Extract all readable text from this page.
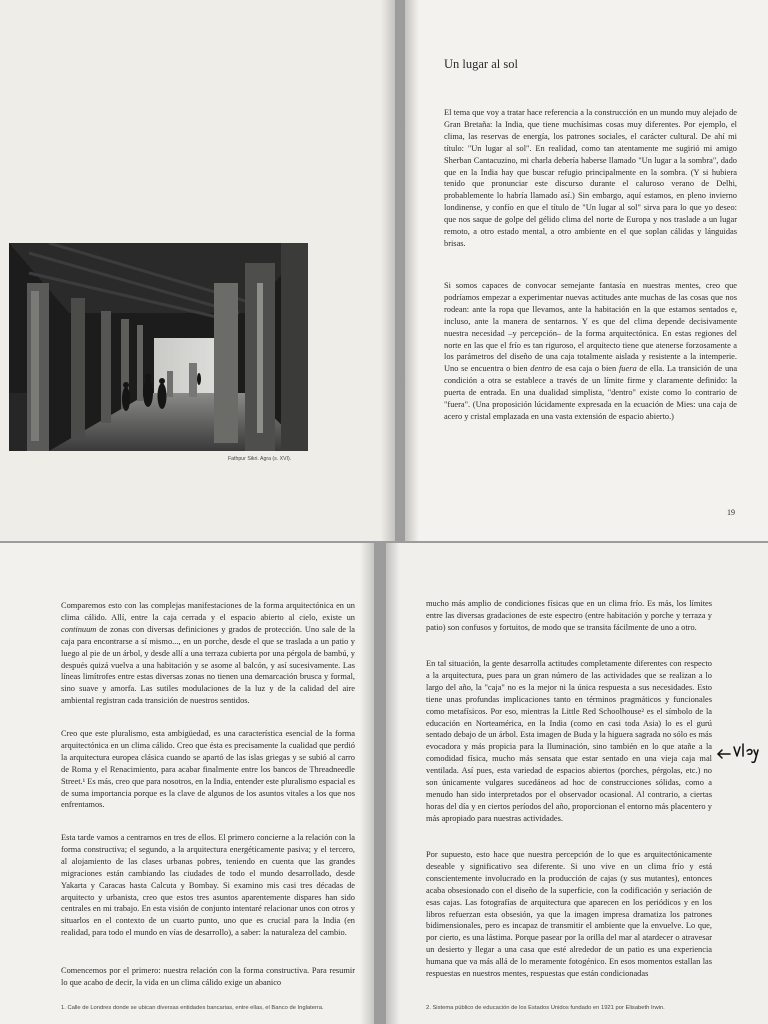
Fathpur Sikri. Agra (s. XVI).
Un lugar al sol

El tema que voy a tratar hace referencia a la construcción en un mundo muy alejado de Gran Bretaña: la India, que tiene muchísimas cosas muy diferentes. Por ejemplo, el clima, las reservas de energía, los patrones sociales, el carácter cultural. De ahí mi título: "Un lugar al sol". En realidad, como tan atentamente me sugirió mi amigo Sherban Cantacuzino, mi charla debería haberse llamado "Un lugar a la sombra", dado que en la India hay que buscar refugio principalmente en la sombra. (Y si hubiera tenido que pronunciar este discurso durante el caluroso verano de Delhi, probablemente lo habría llamado así.) Sin embargo, aquí estamos, en pleno invierno londinense, y confío en que el título de "Un lugar al sol" sirva para lo que yo deseo: que nos saque de golpe del gélido clima del norte de Europa y nos traslade a un lugar remoto, a otro estado mental, a otro ambiente en el que soplan cálidas y lánguidas brisas.

Si somos capaces de convocar semejante fantasía en nuestras mentes, creo que podríamos empezar a experimentar nuevas actitudes ante muchas de las cosas que nos rodean: ante la ropa que llevamos, ante la habitación en la que estamos sentados e, incluso, ante la manera de sentarnos. Y es que del clima depende decisivamente nuestra necesidad –y percepción– de la forma arquitectónica. En estas regiones del norte en las que el frío es tan riguroso, el arquitecto tiene que atenerse forzosamente a los parámetros del diseño de una caja totalmente aislada y resistente a la intemperie. Uno se encuentra o bien dentro de esa caja o bien fuera de ella. La transición de una condición a otra se establece a través de un límite firme y claramente definido: la puerta de entrada. En una dualidad simplista, "dentro" existe como lo contrario de "fuera". (Una proposición lúcidamente expresada en la ecuación de Mies: una caja de acero y cristal emplazada en una vasta extensión de espacio abierto.)

19

Comparemos esto con las complejas manifestaciones de la forma arquitectónica en un clima cálido. Allí, entre la caja cerrada y el espacio abierto al cielo, existe un continuum de zonas con diversas definiciones y grados de protección. Uno sale de la caja para encontrarse a sí mismo..., en un porche, desde el que se traslada a un patio y luego al pie de un árbol, y desde allí a una terraza cubierta por una pérgola de bambú, y después quizá vuelva a una habitación y se asome al balcón, y así sucesivamente. Las líneas limítrofes entre estas diversas zonas no tienen una demarcación brusca y formal, sino suave y amorfa. Las sutiles modulaciones de la luz y de la calidad del aire ambiental registran cada transición de nuestros sentidos.

Creo que este pluralismo, esta ambigüedad, es una característica esencial de la forma arquitectónica en un clima cálido. Creo que ésta es precisamente la cualidad que perdió la arquitectura europea clásica cuando se apartó de las islas griegas y se subió al carro de Roma y el Renacimiento, para acabar finalmente entre los bancos de Threadneedle Street.¹ Es más, creo que para nosotros, en la India, entender este pluralismo espacial es de suma importancia porque es la clave de algunos de los asuntos vitales a los que nos enfrentamos.

Esta tarde vamos a centrarnos en tres de ellos. El primero concierne a la relación con la forma constructiva; el segundo, a la arquitectura energéticamente pasiva; y el tercero, al alojamiento de las clases urbanas pobres, teniendo en cuenta que las grandes migraciones están cambiando las ciudades de todo el mundo desarrollado, desde Yakarta y Caracas hasta Calcuta y Bombay. Si examino mis casi tres décadas de arquitecto y urbanista, creo que estos tres asuntos aparentemente dispares han sido centrales en mi trabajo. En esta visión de conjunto intentaré relacionar unos con otros y situarlos en el contexto de un cuarto punto, uno que es crucial para la India (en realidad, para todo el mundo en vías de desarrollo), a saber: la naturaleza del cambio.

Comencemos por el primero: nuestra relación con la forma constructiva. Para resumir lo que acabo de decir, la vida en un clima cálido exige un abanico

1. Calle de Londres donde se ubican diversas entidades bancarias, entre ellas, el Banco de Inglaterra.

mucho más amplio de condiciones físicas que en un clima frío. Es más, los límites entre las diversas gradaciones de este espectro (entre habitación y porche y terraza y patio) son confusos y fortuitos, de modo que se transita fácilmente de uno a otro.

En tal situación, la gente desarrolla actitudes completamente diferentes con respecto a la arquitectura, pues para un gran número de las actividades que se realizan a lo largo del año, la "caja" no es la mejor ni la única respuesta a sus necesidades. Esto tiene unas profundas implicaciones tanto en términos pragmáticos y funcionales como metafísicos. Por eso, mientras la Little Red Schoolhouse² es el símbolo de la educación en Norteamérica, en la India (como en casi toda Asia) lo es el gurú sentado debajo de un árbol. Esta imagen de Buda y la higuera sagrada no sólo es más evocadora y más propicia para la Iluminación, sino también en lo que atañe a la comodidad física, mucho más sensata que estar sentado en una vieja caja mal ventilada. Así pues, esta variedad de espacios abiertos (porches, pérgolas, etc.) no son únicamente vulgares sucedáneos ad hoc de construcciones sólidas, como a menudo han sido interpretados por el observador ocasional. Al contrario, a ciertas horas del día y en ciertos períodos del año, proporcionan el entorno más placentero y más apropiado para nuestras actividades.

Por supuesto, esto hace que nuestra percepción de lo que es arquitectónicamente deseable y significativo sea diferente. Si uno vive en un clima frío y está conscientemente involucrado en la producción de cajas (y sus mutantes), entonces acaba obsesionado con el diseño de la superficie, con la codificación y seriación de esas cajas. Las fotografías de arquitectura que aparecen en los periódicos y en los libros refuerzan esta obsesión, ya que la imagen impresa dramatiza los patrones bidimensionales, pero es incapaz de transmitir el ambiente que la envuelve. Lo que, por cierto, es una lástima. Porque pasear por la orilla del mar al atardecer o atravesar un desierto y llegar a una casa que esté alrededor de un patio es una experiencia humana que va más allá de lo meramente fotogénico. En esos momentos estallan las respuestas en nuestros mentes, respuestas que están condicionadas

2. Sistema público de educación de los Estados Unidos fundado en 1921 por Elisabeth Irwin.
